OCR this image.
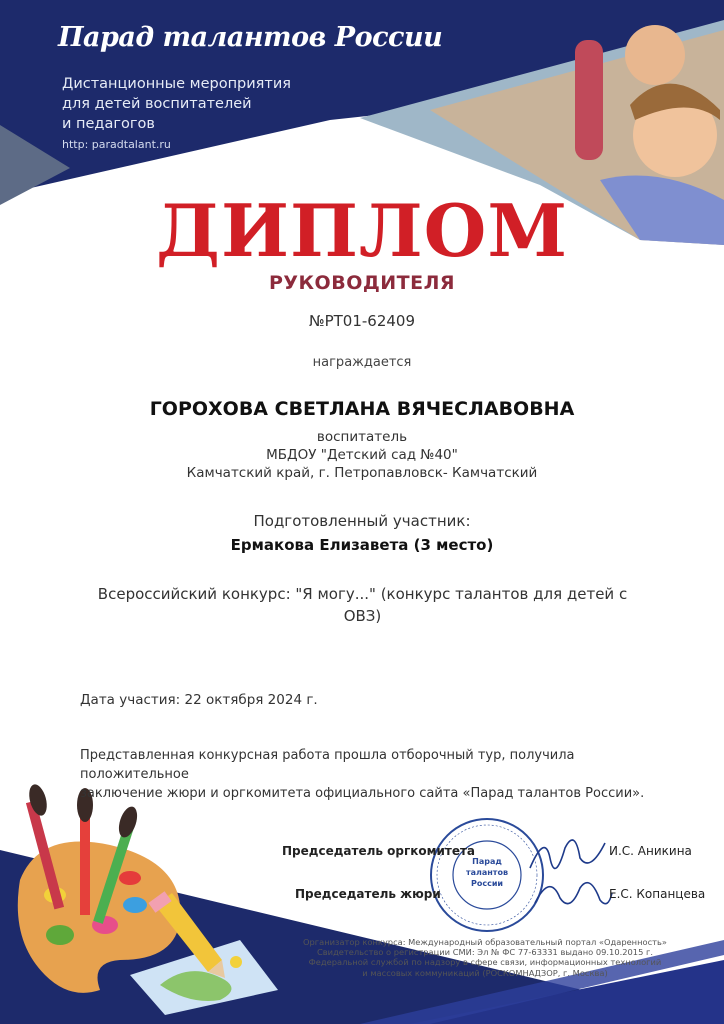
Парад талантов России
Дистанционные мероприятия
для детей воспитателей
и педагогов
http: paradtalant.ru
ДИПЛОМ
РУКОВОДИТЕЛЯ
№РТ01-62409
награждается
ГОРОХОВА СВЕТЛАНА ВЯЧЕСЛАВОВНА
воспитатель
МБДОУ "Детский сад №40"
Камчатский край, г. Петропавловск- Камчатский
Подготовленный участник:
Ермакова Елизавета (3 место)
Всероссийский конкурс: "Я могу..." (конкурс талантов для детей с
ОВЗ)
Дата участия: 22 октября 2024 г.
Представленная конкурсная работа прошла отборочный тур, получила положительное
заключение жюри и оргкомитета официального сайта «Парад талантов России».
Парад
талантов
России
Председатель оргкомитета	И.С. Аникина
Председатель жюри	Е.С. Копанцева
Организатор конкурса: Международный образовательный портал «Одаренность»
Свидетельство о регистрации СМИ: Эл № ФС 77-63331 выдано 09.10.2015 г.
Федеральной службой по надзору в сфере связи, информационных технологий
и массовых коммуникаций (РОСКОМНАДЗОР, г. Москва)
